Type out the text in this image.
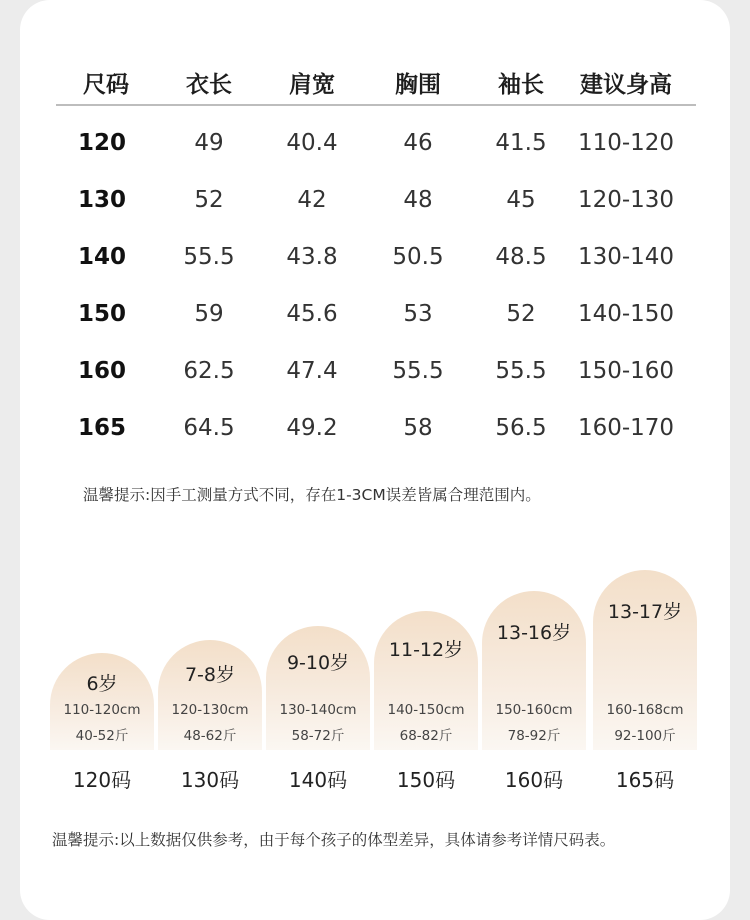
尺码 衣长 肩宽	胸围 袖长 建议身高
120	49	40.4	46	41.5 110-120
130	52	42	48	45 120-130
140 55.5 43.8 50.5 48.5 130-140
150	59	45.6	53	52 140-150
160 62.5 47.4 55.5 55.5 150-160
165 64.5 49.2	58	56.5 160-170
温馨提示:因手工测量方式不同，存在1-3CM误差皆属合理范围内。
6岁
110-120cm
40-52斤
7-8岁
120-130cm
48-62斤
9-10岁
130-140cm
58-72斤
11-12岁
140-150cm
68-82斤
13-16岁
150-160cm
78-92斤
13-17岁
160-168cm
92-100斤
120码	130码	140码	150码	160码	165码
温馨提示:以上数据仅供参考，由于每个孩子的体型差异，具体请参考详情尺码表。
